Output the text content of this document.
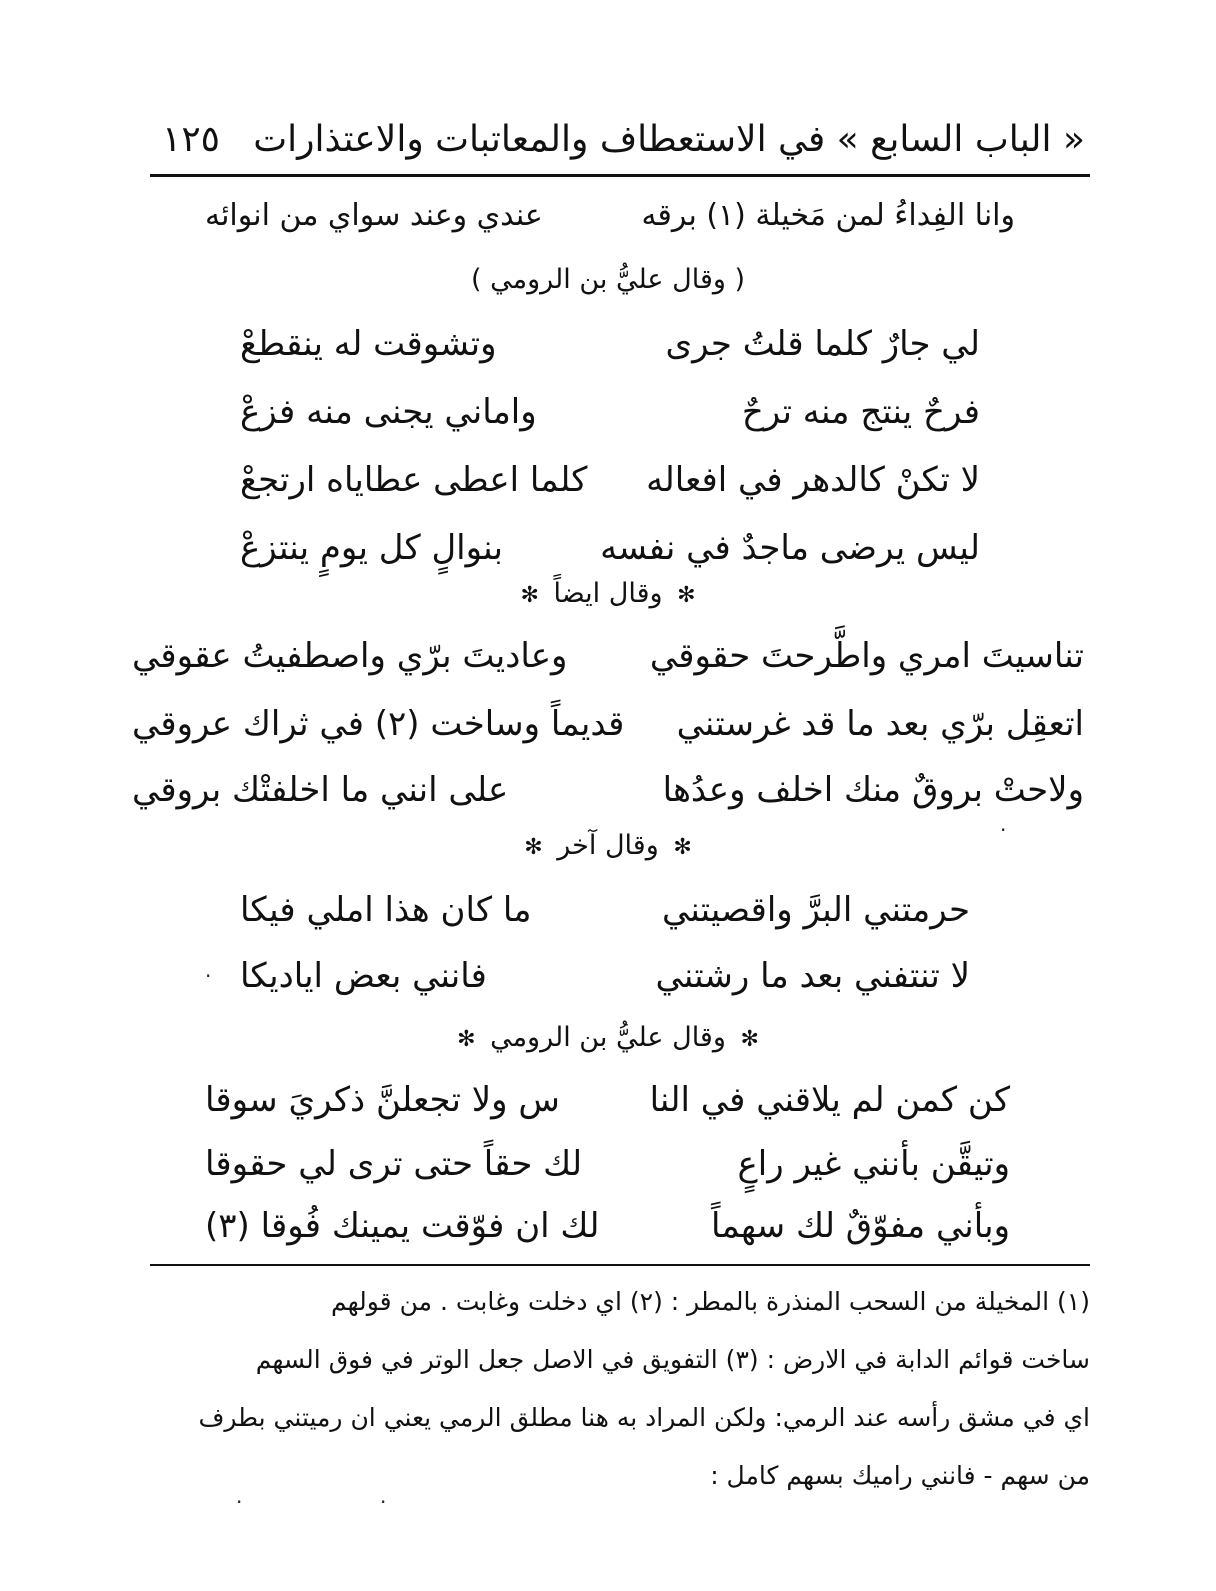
« الباب السابع » في الاستعطاف والمعاتبات والاعتذارات
١٢٥
وانا الفِداءُ لمن مَخيلة (١) برقه
عندي وعند سواي من انوائه
( وقال عليُّ بن الرومي )
لي جارٌ كلما قلتُ جرى
وتشوقت له ينقطعْ
فرحٌ ينتج منه ترحٌ
واماني يجنى منه فزعْ
لا تكنْ كالدهر في افعاله
كلما اعطى عطاياه ارتجعْ
ليس يرضى ماجدٌ في نفسه
بنوالٍ كل يومٍ ينتزعْ
✻ وقال ايضاً ✻
تناسيتَ امري واطَّرحتَ حقوقي
وعاديتَ برّي واصطفيتُ عقوقي
اتعقِل برّي بعد ما قد غرستني
قديماً وساخت (٢) في ثراك عروقي
ولاحتْ بروقٌ منك اخلف وعدُها
على انني ما اخلفتْك بروقي
✻ وقال آخر ✻
حرمتني البرَّ واقصيتني
ما كان هذا املي فيكا
لا تنتفني بعد ما رشتني
فانني بعض اياديكا
✻ وقال عليُّ بن الرومي ✻
كن كمن لم يلاقني في النا
س ولا تجعلنَّ ذكريَ سوقا
وتيقَّن بأنني غير راعٍ
لك حقاً حتى ترى لي حقوقا
وبأني مفوّقٌ لك سهماً
لك ان فوّقت يمينك فُوقا (٣)
(١) المخيلة من السحب المنذرة بالمطر : (٢) اي دخلت وغابت . من قولهم
ساخت قوائم الدابة في الارض : (٣) التفويق في الاصل جعل الوتر في فوق السهم
اي في مشق رأسه عند الرمي: ولكن المراد به هنا مطلق الرمي يعني ان رميتني بطرف
من سهم - فانني راميك بسهم كامل :
·
·
·	·
